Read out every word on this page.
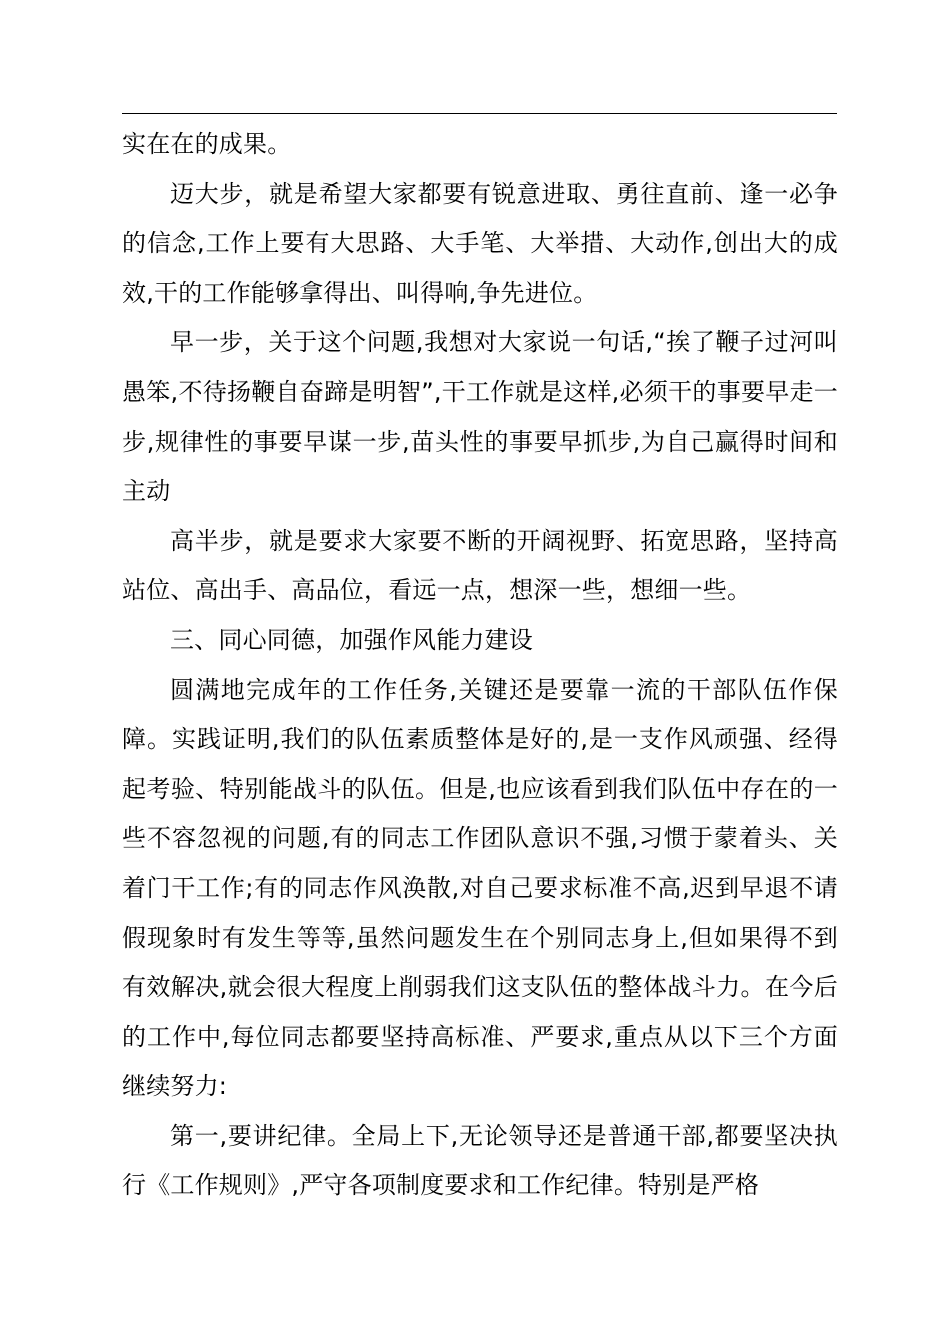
实在在的成果。

迈大步，就是希望大家都要有锐意进取、勇往直前、逢一必争的信念,工作上要有大思路、大手笔、大举措、大动作,创出大的成效,干的工作能够拿得出、叫得响,争先进位。

早一步，关于这个问题,我想对大家说一句话,“挨了鞭子过河叫愚笨,不待扬鞭自奋蹄是明智”,干工作就是这样,必须干的事要早走一步,规律性的事要早谋一步,苗头性的事要早抓步,为自己赢得时间和主动

高半步，就是要求大家要不断的开阔视野、拓宽思路，坚持高站位、高出手、高品位，看远一点，想深一些，想细一些。

三、同心同德，加强作风能力建设

圆满地完成年的工作任务,关键还是要靠一流的干部队伍作保障。实践证明,我们的队伍素质整体是好的,是一支作风顽强、经得起考验、特别能战斗的队伍。但是,也应该看到我们队伍中存在的一些不容忽视的问题,有的同志工作团队意识不强,习惯于蒙着头、关着门干工作;有的同志作风涣散,对自己要求标准不高,迟到早退不请假现象时有发生等等,虽然问题发生在个别同志身上,但如果得不到有效解决,就会很大程度上削弱我们这支队伍的整体战斗力。在今后的工作中,每位同志都要坚持高标准、严要求,重点从以下三个方面继续努力:

第一,要讲纪律。全局上下,无论领导还是普通干部,都要坚决执行《工作规则》,严守各项制度要求和工作纪律。特别是严格
